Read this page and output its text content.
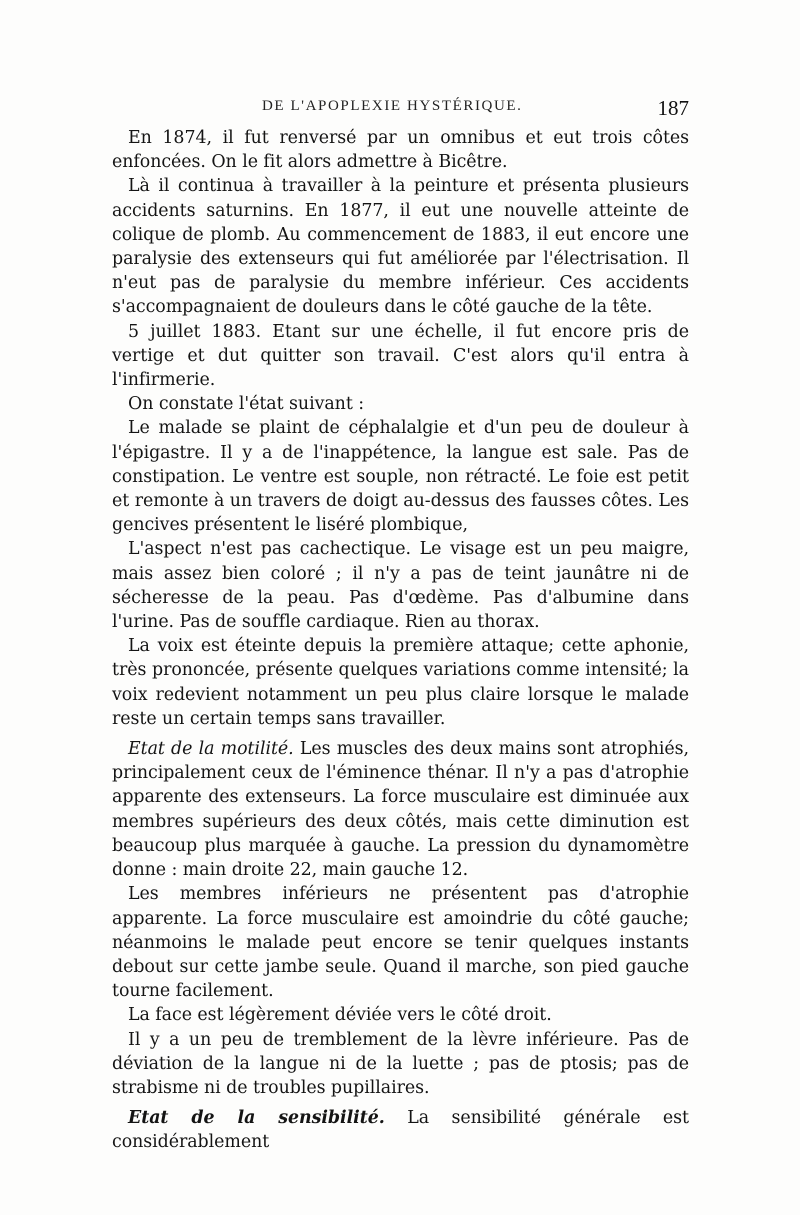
DE L'APOPLEXIE HYSTÉRIQUE.	187

En 1874, il fut renversé par un omnibus et eut trois côtes enfoncées. On le fit alors admettre à Bicêtre.

Là il continua à travailler à la peinture et présenta plusieurs accidents saturnins. En 1877, il eut une nouvelle atteinte de colique de plomb. Au commencement de 1883, il eut encore une paralysie des extenseurs qui fut améliorée par l'électrisation. Il n'eut pas de paralysie du membre inférieur. Ces accidents s'accompagnaient de douleurs dans le côté gauche de la tête.

5 juillet 1883. Etant sur une échelle, il fut encore pris de vertige et dut quitter son travail. C'est alors qu'il entra à l'infirmerie.

On constate l'état suivant :

Le malade se plaint de céphalalgie et d'un peu de douleur à l'épigastre. Il y a de l'inappétence, la langue est sale. Pas de constipation. Le ventre est souple, non rétracté. Le foie est petit et remonte à un travers de doigt au-dessus des fausses côtes. Les gencives présentent le liséré plombique,

L'aspect n'est pas cachectique. Le visage est un peu maigre, mais assez bien coloré ; il n'y a pas de teint jaunâtre ni de sécheresse de la peau. Pas d'œdème. Pas d'albumine dans l'urine. Pas de souffle cardiaque. Rien au thorax.

La voix est éteinte depuis la première attaque; cette aphonie, très prononcée, présente quelques variations comme intensité; la voix redevient notamment un peu plus claire lorsque le malade reste un certain temps sans travailler.

Etat de la motilité. Les muscles des deux mains sont atrophiés, principalement ceux de l'éminence thénar. Il n'y a pas d'atrophie apparente des extenseurs. La force musculaire est diminuée aux membres supérieurs des deux côtés, mais cette diminution est beaucoup plus marquée à gauche. La pression du dynamomètre donne : main droite 22, main gauche 12.

Les membres inférieurs ne présentent pas d'atrophie apparente. La force musculaire est amoindrie du côté gauche; néanmoins le malade peut encore se tenir quelques instants debout sur cette jambe seule. Quand il marche, son pied gauche tourne facilement.

La face est légèrement déviée vers le côté droit.

Il y a un peu de tremblement de la lèvre inférieure. Pas de déviation de la langue ni de la luette ; pas de ptosis; pas de strabisme ni de troubles pupillaires.

Etat de la sensibilité. La sensibilité générale est considérablement
